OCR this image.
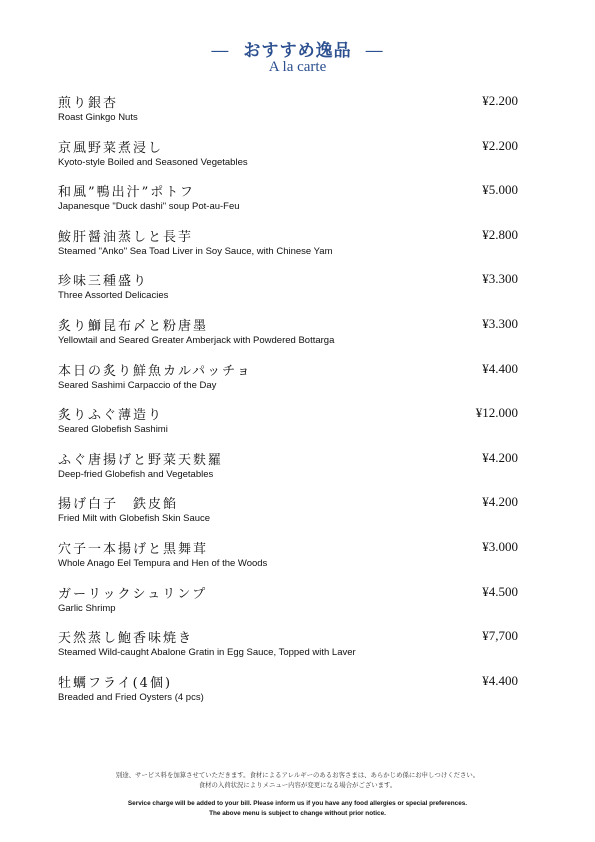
― おすすめ逸品 ―
A la carte
煎り銀杏
Roast Ginkgo Nuts
¥2.200
京風野菜煮浸し
Kyoto-style Boiled and Seasoned Vegetables
¥2.200
和風”鴨出汁”ポトフ
Japanesque "Duck dashi" soup Pot-au-Feu
¥5.000
鮟肝醤油蒸しと長芋
Steamed "Anko" Sea Toad Liver in Soy Sauce, with Chinese Yam
¥2.800
珍味三種盛り
Three Assorted Delicacies
¥3.300
炙り鰤昆布〆と粉唐墨
Yellowtail and Seared Greater Amberjack with Powdered Bottarga
¥3.300
本日の炙り鮮魚カルパッチョ
Seared Sashimi Carpaccio of the Day
¥4.400
炙りふぐ薄造り
Seared Globefish Sashimi
¥12.000
ふぐ唐揚げと野菜天麩羅
Deep-fried Globefish and Vegetables
¥4.200
揚げ白子　鉄皮餡
Fried Milt with Globefish Skin Sauce
¥4.200
穴子一本揚げと黒舞茸
Whole Anago Eel Tempura and Hen of the Woods
¥3.000
ガーリックシュリンプ
Garlic Shrimp
¥4.500
天然蒸し鮑香味焼き
Steamed Wild-caught Abalone Gratin in Egg Sauce, Topped with Laver
¥7,700
牡蠣フライ(4個)
Breaded and Fried Oysters (4 pcs)
¥4.400
別途、サービス料を加算させていただきます。食材によるアレルギーのあるお客さまは、あらかじめ係にお申しつけください。
食材の入荷状況によりメニュー内容が変更になる場合がございます。
Service charge will be added to your bill. Please inform us if you have any food allergies or special preferences.
The above menu is subject to change without prior notice.
